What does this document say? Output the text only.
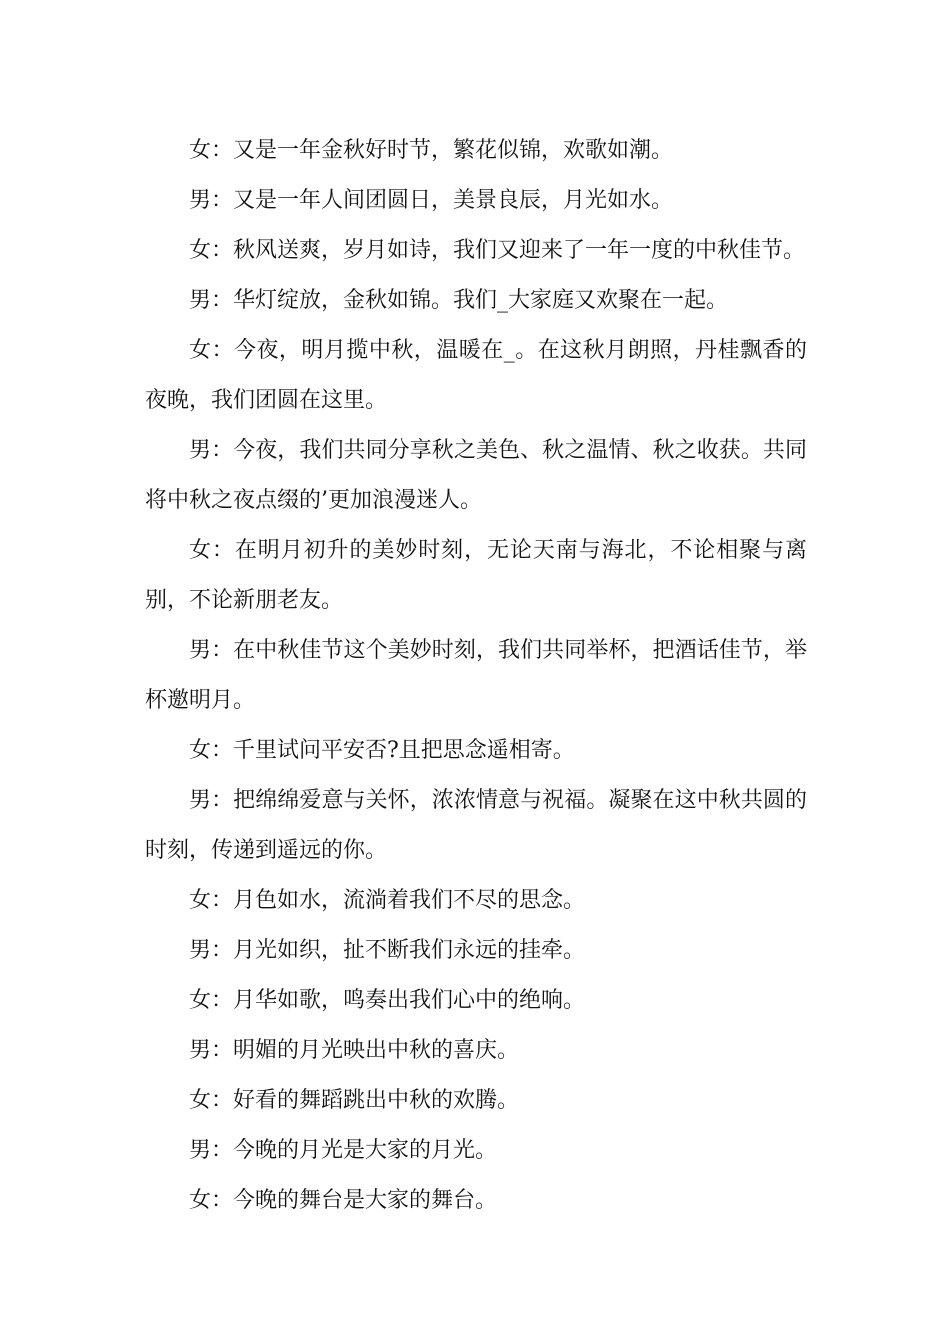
女：又是一年金秋好时节，繁花似锦，欢歌如潮。

男：又是一年人间团圆日，美景良辰，月光如水。

女：秋风送爽，岁月如诗，我们又迎来了一年一度的中秋佳节。

男：华灯绽放，金秋如锦。我们_大家庭又欢聚在一起。

女：今夜，明月揽中秋，温暖在_。在这秋月朗照，丹桂飘香的夜晚，我们团圆在这里。

男：今夜，我们共同分享秋之美色、秋之温情、秋之收获。共同将中秋之夜点缀的’更加浪漫迷人。

女：在明月初升的美妙时刻，无论天南与海北，不论相聚与离别，不论新朋老友。

男：在中秋佳节这个美妙时刻，我们共同举杯，把酒话佳节，举杯邀明月。

女：千里试问平安否?且把思念遥相寄。

男：把绵绵爱意与关怀，浓浓情意与祝福。凝聚在这中秋共圆的时刻，传递到遥远的你。

女：月色如水，流淌着我们不尽的思念。

男：月光如织，扯不断我们永远的挂牵。

女：月华如歌，鸣奏出我们心中的绝响。

男：明媚的月光映出中秋的喜庆。

女：好看的舞蹈跳出中秋的欢腾。

男：今晚的月光是大家的月光。

女：今晚的舞台是大家的舞台。
